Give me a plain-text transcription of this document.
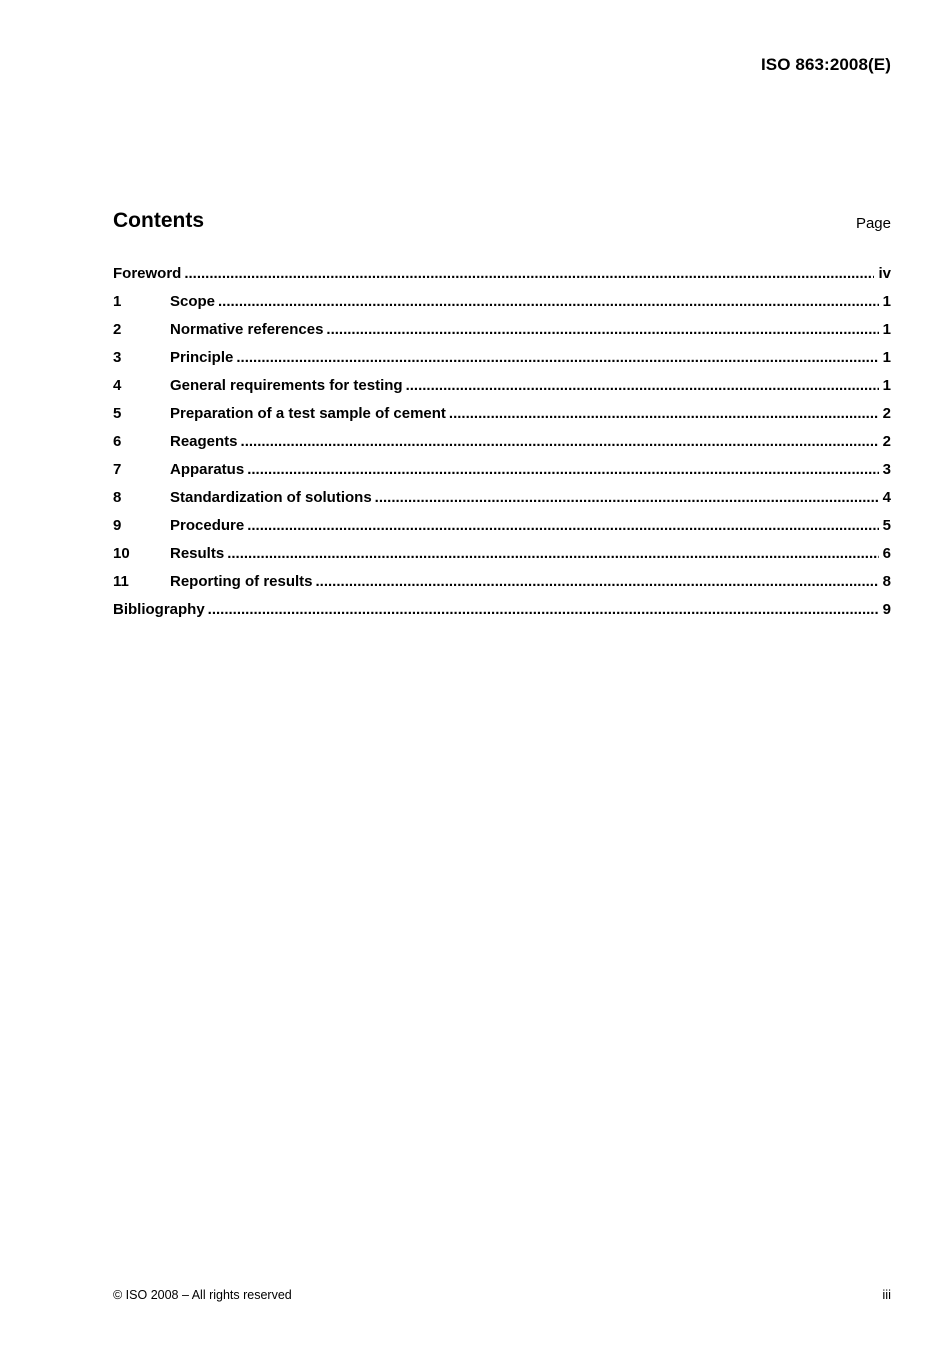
ISO 863:2008(E)
Contents	Page
Foreword .....	iv
1	Scope .....	1
2	Normative references .....	1
3	Principle .....	1
4	General requirements for testing .....	1
5	Preparation of a test sample of cement .....	2
6	Reagents .....	2
7	Apparatus .....	3
8	Standardization of solutions .....	4
9	Procedure .....	5
10	Results .....	6
11	Reporting of results .....	8
Bibliography .....	9
© ISO 2008 – All rights reserved	iii
